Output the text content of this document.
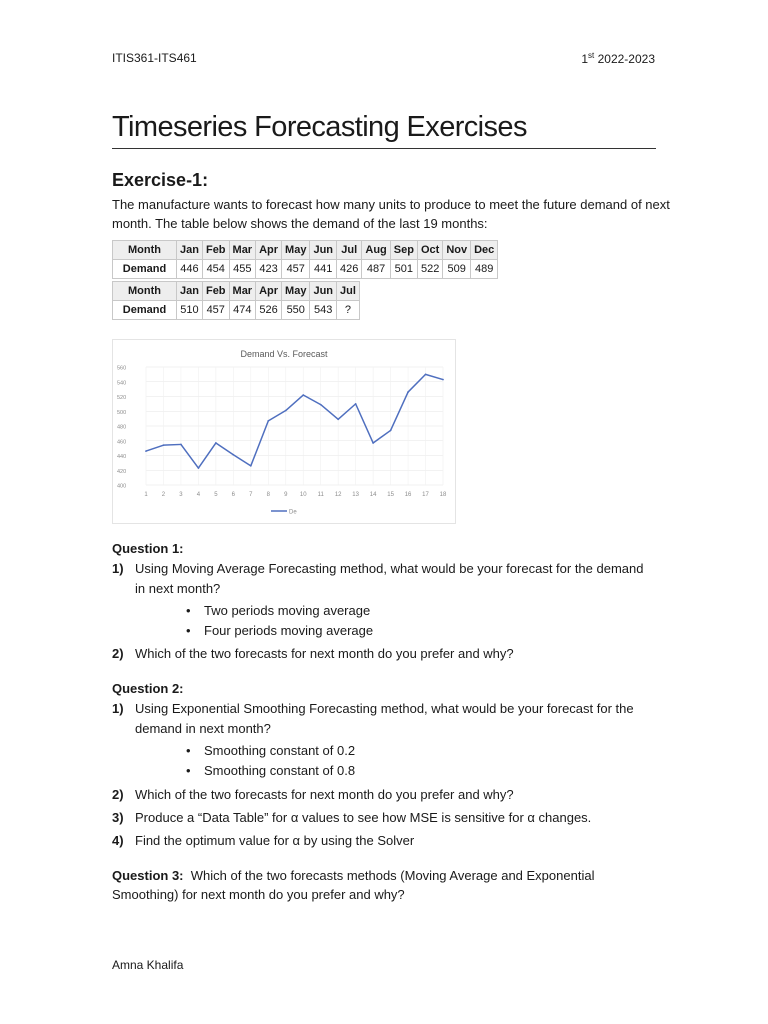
ITIS361-ITS461	1st 2022-2023
Timeseries Forecasting Exercises
Exercise-1:
The manufacture wants to forecast how many units to produce to meet the future demand of next month. The table below shows the demand of the last 19 months:
Month	Jan	Feb	Mar	Apr	May	Jun	Jul	Aug	Sep	Oct	Nov	Dec
Demand	446	454	455	423	457	441	426	487	501	522	509	489
Month	Jan	Feb	Mar	Apr	May	Jun	Jul
Demand	510	457	474	526	550	543	?
Demand Vs. Forecast
400
420
440
460
480
500
520
540
560
1 2 3 4 5 6 7 8 9 10 11 12 13 14 15 16 17 18
De
Question 1:
1) Using Moving Average Forecasting method, what would be your forecast for the demand in next month?
• Two periods moving average
• Four periods moving average
2) Which of the two forecasts for next month do you prefer and why?
Question 2:
1) Using Exponential Smoothing Forecasting method, what would be your forecast for the demand in next month?
• Smoothing constant of 0.2
• Smoothing constant of 0.8
2) Which of the two forecasts for next month do you prefer and why?
3) Produce a “Data Table” for α values to see how MSE is sensitive for α changes.
4) Find the optimum value for α by using the Solver
Question 3: Which of the two forecasts methods (Moving Average and Exponential Smoothing) for next month do you prefer and why?
Amna Khalifa
